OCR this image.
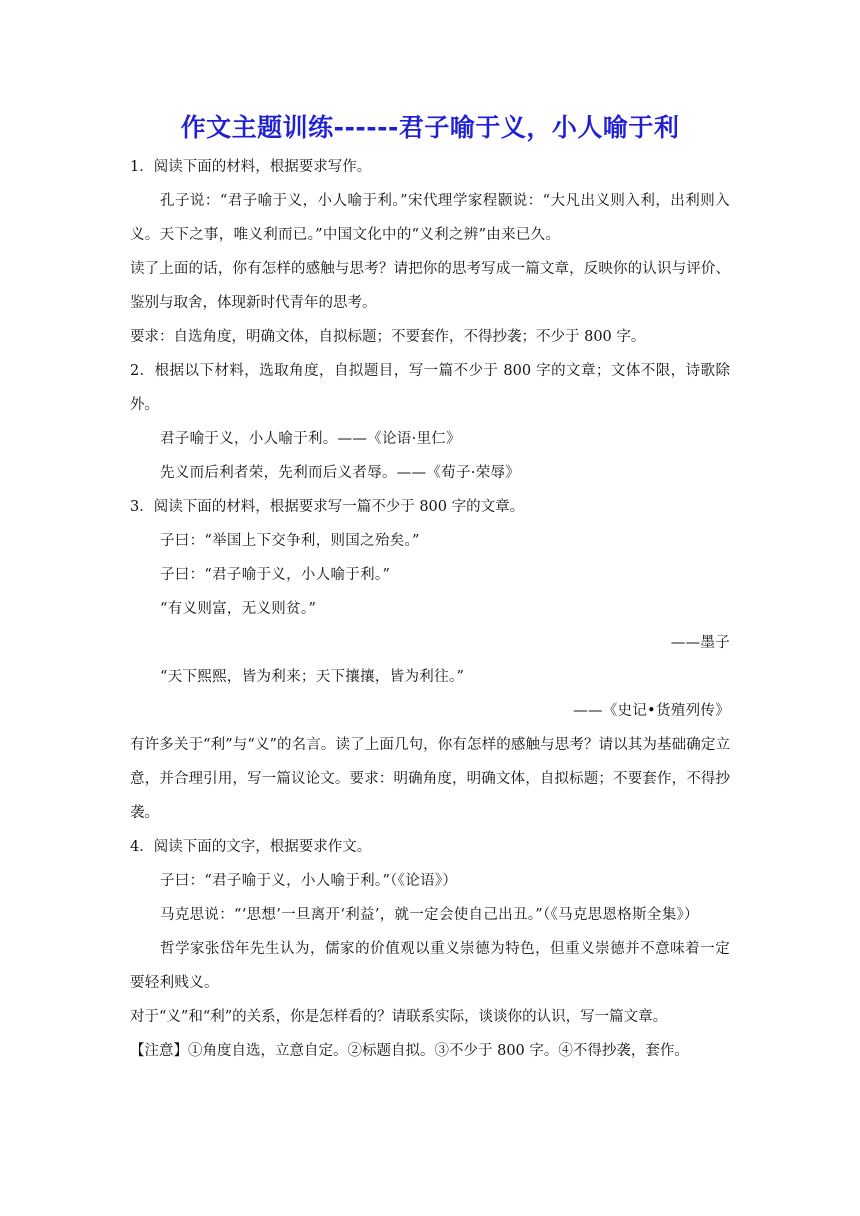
作文主题训练------君子喻于义，小人喻于利

1．阅读下面的材料，根据要求写作。

孔子说：“君子喻于义，小人喻于利。”宋代理学家程颢说：“大凡出义则入利，出利则入义。天下之事，唯义利而已。”中国文化中的“义利之辨”由来已久。

读了上面的话，你有怎样的感触与思考？请把你的思考写成一篇文章，反映你的认识与评价、鉴别与取舍，体现新时代青年的思考。

要求：自选角度，明确文体，自拟标题；不要套作，不得抄袭；不少于 800 字。

2．根据以下材料，选取角度，自拟题目，写一篇不少于 800 字的文章；文体不限，诗歌除外。

君子喻于义，小人喻于利。——《论语·里仁》

先义而后利者荣，先利而后义者辱。——《荀子·荣辱》

3．阅读下面的材料，根据要求写一篇不少于 800 字的文章。

子曰：“举国上下交争利，则国之殆矣。”

子曰：“君子喻于义，小人喻于利。”

“有义则富，无义则贫。”

——墨子

“天下熙熙，皆为利来；天下攘攘，皆为利往。”

——《史记•货殖列传》

有许多关于“利”与“义”的名言。读了上面几句，你有怎样的感触与思考？请以其为基础确定立意，并合理引用，写一篇议论文。要求：明确角度，明确文体，自拟标题；不要套作，不得抄袭。

4．阅读下面的文字，根据要求作文。

子曰：“君子喻于义，小人喻于利。”（《论语》）

马克思说：“‘思想’一旦离开‘利益’，就一定会使自己出丑。”（《马克思恩格斯全集》）

哲学家张岱年先生认为，儒家的价值观以重义崇德为特色，但重义崇德并不意味着一定要轻利贱义。

对于“义”和“利”的关系，你是怎样看的？请联系实际，谈谈你的认识，写一篇文章。

【注意】①角度自选，立意自定。②标题自拟。③不少于 800 字。④不得抄袭，套作。
